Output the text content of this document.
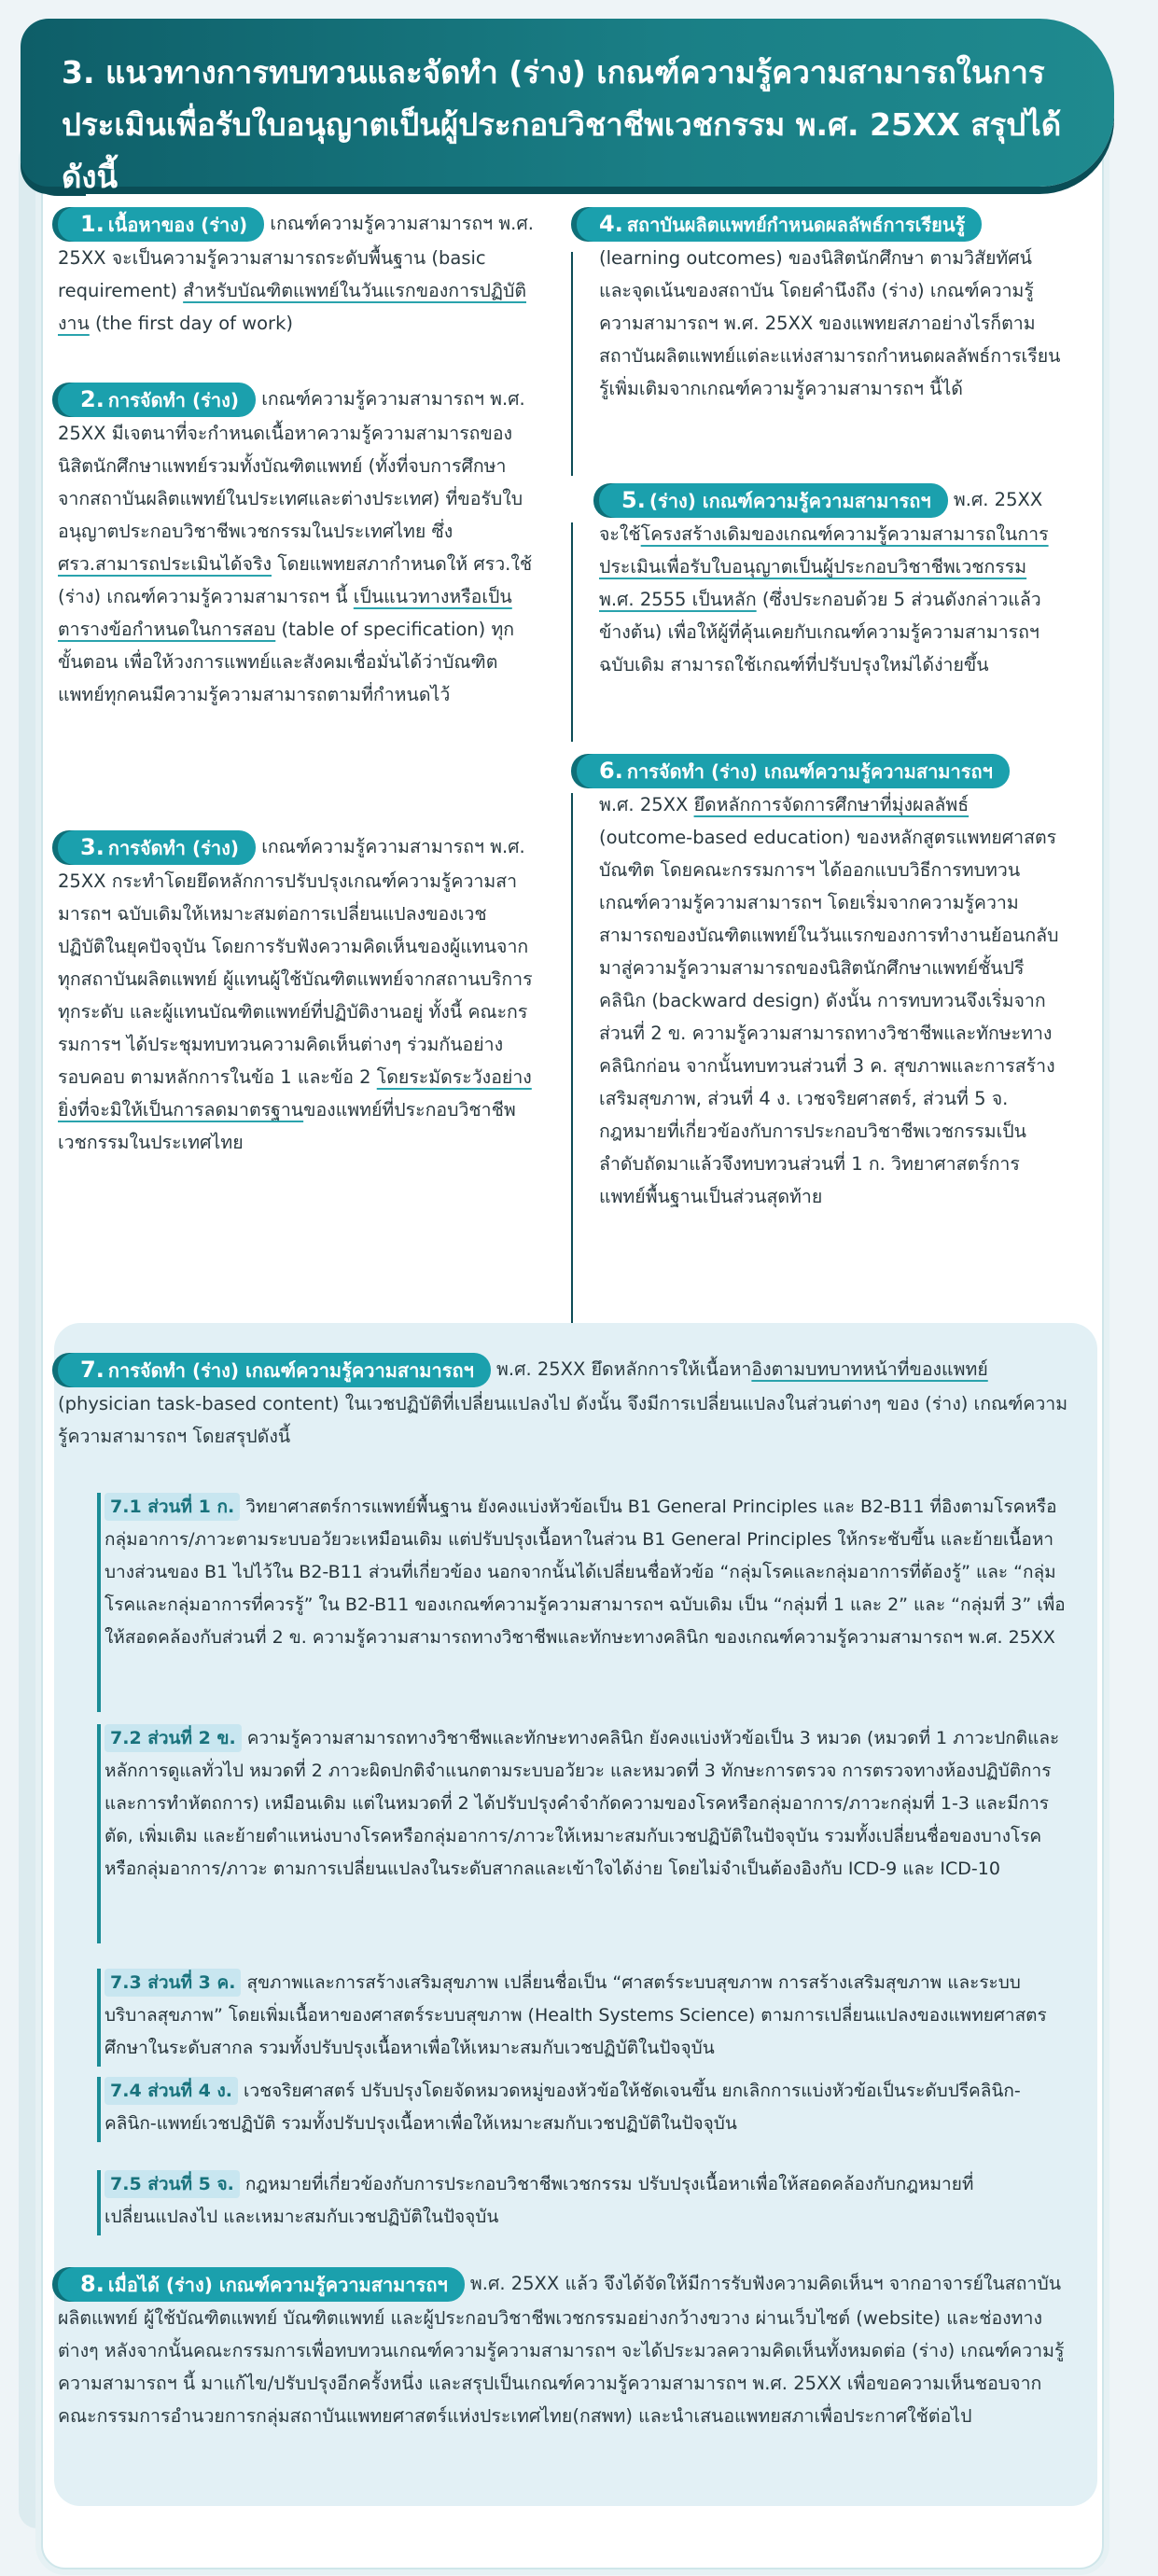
3. แนวทางการทบทวนและจัดทำ (ร่าง) เกณฑ์ความรู้ความสามารถในการประเมินเพื่อรับใบอนุญาตเป็นผู้ประกอบวิชาชีพเวชกรรม พ.ศ. 25XX สรุปได้ดังนี้

1. เนื้อหาของ (ร่าง) เกณฑ์ความรู้ความสามารถฯ พ.ศ. 25XX จะเป็นความรู้ความสามารถระดับพื้นฐาน (basic requirement) สำหรับบัณฑิตแพทย์ในวันแรกของการปฏิบัติงาน (the first day of work)

2. การจัดทำ (ร่าง) เกณฑ์ความรู้ความสามารถฯ พ.ศ. 25XX มีเจตนาที่จะกำหนดเนื้อหาความรู้ความสามารถของนิสิตนักศึกษาแพทย์รวมทั้งบัณฑิตแพทย์ (ทั้งที่จบการศึกษาจากสถาบันผลิตแพทย์ในประเทศและต่างประเทศ) ที่ขอรับใบอนุญาตประกอบวิชาชีพเวชกรรมในประเทศไทย ซึ่ง ศรว.สามารถประเมินได้จริง โดยแพทยสภากำหนดให้ ศรว.ใช้ (ร่าง) เกณฑ์ความรู้ความสามารถฯ นี้ เป็นแนวทางหรือเป็นตารางข้อกำหนดในการสอบ (table of specification) ทุกขั้นตอน เพื่อให้วงการแพทย์และสังคมเชื่อมั่นได้ว่าบัณฑิตแพทย์ทุกคนมีความรู้ความสามารถตามที่กำหนดไว้

3. การจัดทำ (ร่าง) เกณฑ์ความรู้ความสามารถฯ พ.ศ. 25XX กระทำโดยยึดหลักการปรับปรุงเกณฑ์ความรู้ความสามารถฯ ฉบับเดิมให้เหมาะสมต่อการเปลี่ยนแปลงของเวชปฏิบัติในยุคปัจจุบัน โดยการรับฟังความคิดเห็นของผู้แทนจากทุกสถาบันผลิตแพทย์ ผู้แทนผู้ใช้บัณฑิตแพทย์จากสถานบริการทุกระดับ และผู้แทนบัณฑิตแพทย์ที่ปฏิบัติงานอยู่ ทั้งนี้ คณะกรรมการฯ ได้ประชุมทบทวนความคิดเห็นต่างๆ ร่วมกันอย่างรอบคอบ ตามหลักการในข้อ 1 และข้อ 2 โดยระมัดระวังอย่างยิ่งที่จะมิให้เป็นการลดมาตรฐานของแพทย์ที่ประกอบวิชาชีพเวชกรรมในประเทศไทย

4. สถาบันผลิตแพทย์กำหนดผลลัพธ์การเรียนรู้

(learning outcomes) ของนิสิตนักศึกษา ตามวิสัยทัศน์และจุดเน้นของสถาบัน โดยคำนึงถึง (ร่าง) เกณฑ์ความรู้ความสามารถฯ พ.ศ. 25XX ของแพทยสภาอย่างไรก็ตาม สถาบันผลิตแพทย์แต่ละแห่งสามารถกำหนดผลลัพธ์การเรียนรู้เพิ่มเติมจากเกณฑ์ความรู้ความสามารถฯ นี้ได้

5. (ร่าง) เกณฑ์ความรู้ความสามารถฯ พ.ศ. 25XX จะใช้โครงสร้างเดิมของเกณฑ์ความรู้ความสามารถในการประเมินเพื่อรับใบอนุญาตเป็นผู้ประกอบวิชาชีพเวชกรรม พ.ศ. 2555 เป็นหลัก (ซึ่งประกอบด้วย 5 ส่วนดังกล่าวแล้วข้างต้น) เพื่อให้ผู้ที่คุ้นเคยกับเกณฑ์ความรู้ความสามารถฯ ฉบับเดิม สามารถใช้เกณฑ์ที่ปรับปรุงใหม่ได้ง่ายขึ้น

6. การจัดทำ (ร่าง) เกณฑ์ความรู้ความสามารถฯ

พ.ศ. 25XX ยึดหลักการจัดการศึกษาที่มุ่งผลลัพธ์ (outcome-based education) ของหลักสูตรแพทยศาสตรบัณฑิต โดยคณะกรรมการฯ ได้ออกแบบวิธีการทบทวนเกณฑ์ความรู้ความสามารถฯ โดยเริ่มจากความรู้ความสามารถของบัณฑิตแพทย์ในวันแรกของการทำงานย้อนกลับมาสู่ความรู้ความสามารถของนิสิตนักศึกษาแพทย์ชั้นปรีคลินิก (backward design) ดังนั้น การทบทวนจึงเริ่มจากส่วนที่ 2 ข. ความรู้ความสามารถทางวิชาชีพและทักษะทางคลินิกก่อน จากนั้นทบทวนส่วนที่ 3 ค. สุขภาพและการสร้างเสริมสุขภาพ, ส่วนที่ 4 ง. เวชจริยศาสตร์, ส่วนที่ 5 จ. กฎหมายที่เกี่ยวข้องกับการประกอบวิชาชีพเวชกรรมเป็นลำดับถัดมาแล้วจึงทบทวนส่วนที่ 1 ก. วิทยาศาสตร์การแพทย์พื้นฐานเป็นส่วนสุดท้าย

7. การจัดทำ (ร่าง) เกณฑ์ความรู้ความสามารถฯ พ.ศ. 25XX ยึดหลักการให้เนื้อหาอิงตามบทบาทหน้าที่ของแพทย์ (physician task-based content) ในเวชปฏิบัติที่เปลี่ยนแปลงไป ดังนั้น จึงมีการเปลี่ยนแปลงในส่วนต่างๆ ของ (ร่าง) เกณฑ์ความรู้ความสามารถฯ โดยสรุปดังนี้

7.1 ส่วนที่ 1 ก. วิทยาศาสตร์การแพทย์พื้นฐาน ยังคงแบ่งหัวข้อเป็น B1 General Principles และ B2-B11 ที่อิงตามโรคหรือกลุ่มอาการ/ภาวะตามระบบอวัยวะเหมือนเดิม แต่ปรับปรุงเนื้อหาในส่วน B1 General Principles ให้กระชับขึ้น และย้ายเนื้อหาบางส่วนของ B1 ไปไว้ใน B2-B11 ส่วนที่เกี่ยวข้อง นอกจากนั้นได้เปลี่ยนชื่อหัวข้อ “กลุ่มโรคและกลุ่มอาการที่ต้องรู้” และ “กลุ่มโรคและกลุ่มอาการที่ควรรู้” ใน B2-B11 ของเกณฑ์ความรู้ความสามารถฯ ฉบับเดิม เป็น “กลุ่มที่ 1 และ 2” และ “กลุ่มที่ 3” เพื่อให้สอดคล้องกับส่วนที่ 2 ข. ความรู้ความสามารถทางวิชาชีพและทักษะทางคลินิก ของเกณฑ์ความรู้ความสามารถฯ พ.ศ. 25XX

7.2 ส่วนที่ 2 ข. ความรู้ความสามารถทางวิชาชีพและทักษะทางคลินิก ยังคงแบ่งหัวข้อเป็น 3 หมวด (หมวดที่ 1 ภาวะปกติและหลักการดูแลทั่วไป หมวดที่ 2 ภาวะผิดปกติจำแนกตามระบบอวัยวะ และหมวดที่ 3 ทักษะการตรวจ การตรวจทางห้องปฏิบัติการ และการทำหัตถการ) เหมือนเดิม แต่ในหมวดที่ 2 ได้ปรับปรุงคำจำกัดความของโรคหรือกลุ่มอาการ/ภาวะกลุ่มที่ 1-3 และมีการตัด, เพิ่มเติม และย้ายตำแหน่งบางโรคหรือกลุ่มอาการ/ภาวะให้เหมาะสมกับเวชปฏิบัติในปัจจุบัน รวมทั้งเปลี่ยนชื่อของบางโรคหรือกลุ่มอาการ/ภาวะ ตามการเปลี่ยนแปลงในระดับสากลและเข้าใจได้ง่าย โดยไม่จำเป็นต้องอิงกับ ICD-9 และ ICD-10

7.3 ส่วนที่ 3 ค. สุขภาพและการสร้างเสริมสุขภาพ เปลี่ยนชื่อเป็น “ศาสตร์ระบบสุขภาพ การสร้างเสริมสุขภาพ และระบบบริบาลสุขภาพ” โดยเพิ่มเนื้อหาของศาสตร์ระบบสุขภาพ (Health Systems Science) ตามการเปลี่ยนแปลงของแพทยศาสตรศึกษาในระดับสากล รวมทั้งปรับปรุงเนื้อหาเพื่อให้เหมาะสมกับเวชปฏิบัติในปัจจุบัน

7.4 ส่วนที่ 4 ง. เวชจริยศาสตร์ ปรับปรุงโดยจัดหมวดหมู่ของหัวข้อให้ชัดเจนขึ้น ยกเลิกการแบ่งหัวข้อเป็นระดับปรีคลินิก-คลินิก-แพทย์เวชปฏิบัติ รวมทั้งปรับปรุงเนื้อหาเพื่อให้เหมาะสมกับเวชปฏิบัติในปัจจุบัน

7.5 ส่วนที่ 5 จ. กฎหมายที่เกี่ยวข้องกับการประกอบวิชาชีพเวชกรรม ปรับปรุงเนื้อหาเพื่อให้สอดคล้องกับกฎหมายที่เปลี่ยนแปลงไป และเหมาะสมกับเวชปฏิบัติในปัจจุบัน

8. เมื่อได้ (ร่าง) เกณฑ์ความรู้ความสามารถฯ พ.ศ. 25XX แล้ว จึงได้จัดให้มีการรับฟังความคิดเห็นฯ จากอาจารย์ในสถาบันผลิตแพทย์ ผู้ใช้บัณฑิตแพทย์ บัณฑิตแพทย์ และผู้ประกอบวิชาชีพเวชกรรมอย่างกว้างขวาง ผ่านเว็บไซต์ (website) และช่องทางต่างๆ หลังจากนั้นคณะกรรมการเพื่อทบทวนเกณฑ์ความรู้ความสามารถฯ จะได้ประมวลความคิดเห็นทั้งหมดต่อ (ร่าง) เกณฑ์ความรู้ความสามารถฯ นี้ มาแก้ไข/ปรับปรุงอีกครั้งหนึ่ง และสรุปเป็นเกณฑ์ความรู้ความสามารถฯ พ.ศ. 25XX เพื่อขอความเห็นชอบจากคณะกรรมการอำนวยการกลุ่มสถาบันแพทยศาสตร์แห่งประเทศไทย(กสพท) และนำเสนอแพทยสภาเพื่อประกาศใช้ต่อไป
